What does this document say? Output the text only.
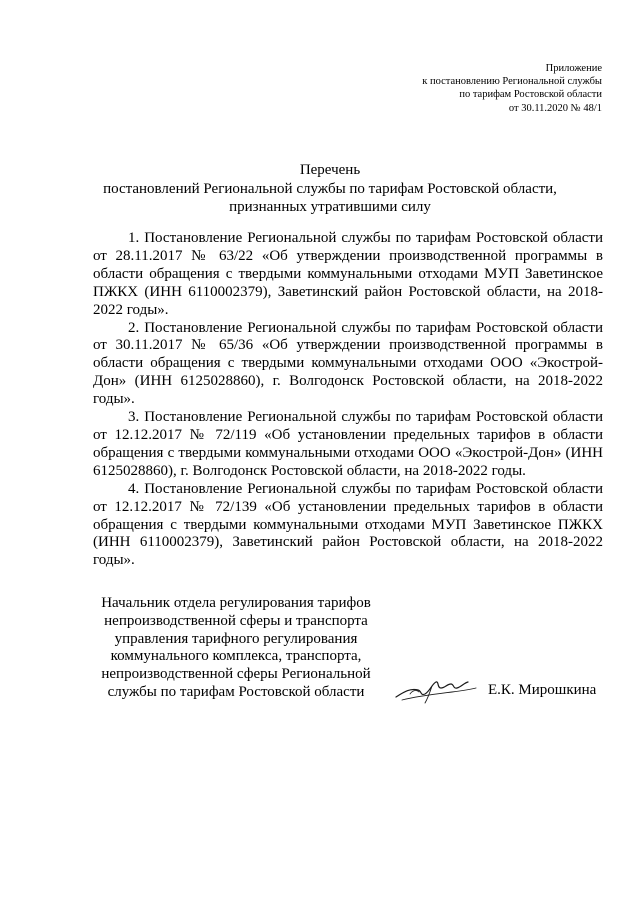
Приложение
к постановлению Региональной службы
по тарифам Ростовской области
от 30.11.2020 № 48/1
Перечень
постановлений Региональной службы по тарифам Ростовской области,
признанных утратившими силу

1. Постановление Региональной службы по тарифам Ростовской области от 28.11.2017 № 63/22 «Об утверждении производственной программы в области обращения с твердыми коммунальными отходами МУП Заветинское ПЖКХ (ИНН 6110002379), Заветинский район Ростовской области, на 2018-2022 годы».

2. Постановление Региональной службы по тарифам Ростовской области от 30.11.2017 № 65/36 «Об утверждении производственной программы в области обращения с твердыми коммунальными отходами ООО «Экострой-Дон» (ИНН 6125028860), г. Волгодонск Ростовской области, на 2018-2022 годы».

3. Постановление Региональной службы по тарифам Ростовской области от 12.12.2017 № 72/119 «Об установлении предельных тарифов в области обращения с твердыми коммунальными отходами ООО «Экострой-Дон» (ИНН 6125028860), г. Волгодонск Ростовской области, на 2018-2022 годы.

4. Постановление Региональной службы по тарифам Ростовской области от 12.12.2017 № 72/139 «Об установлении предельных тарифов в области обращения с твердыми коммунальными отходами МУП Заветинское ПЖКХ (ИНН 6110002379), Заветинский район Ростовской области, на 2018-2022 годы».

Начальник отдела регулирования тарифов
непроизводственной сферы и транспорта
управления тарифного регулирования
коммунального комплекса, транспорта,
непроизводственной сферы Региональной
службы по тарифам Ростовской области	Е.К. Мирошкина
